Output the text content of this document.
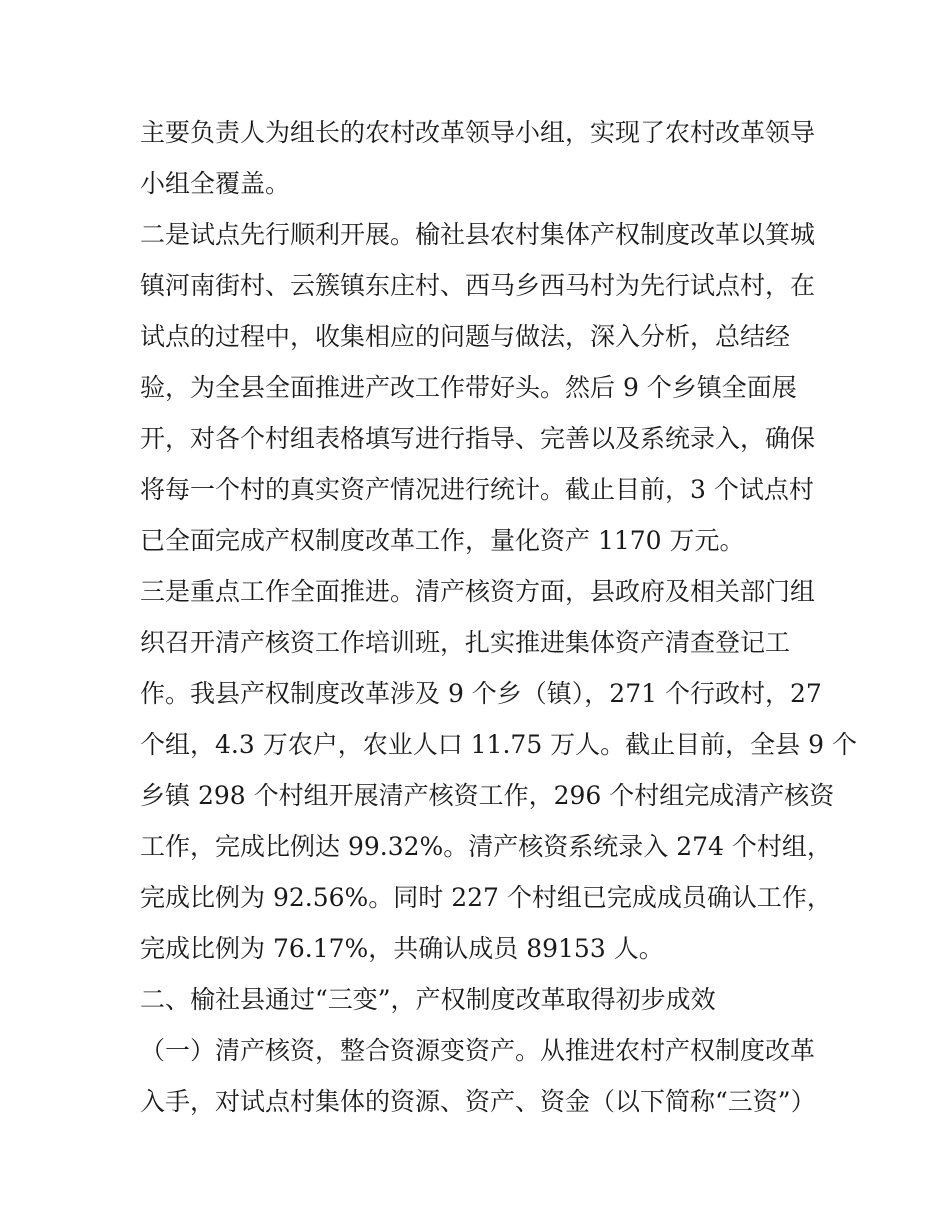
主要负责人为组长的农村改革领导小组，实现了农村改革领导
小组全覆盖。
二是试点先行顺利开展。榆社县农村集体产权制度改革以箕城
镇河南街村、云簇镇东庄村、西马乡西马村为先行试点村，在
试点的过程中，收集相应的问题与做法，深入分析，总结经
验，为全县全面推进产改工作带好头。然后 9 个乡镇全面展
开，对各个村组表格填写进行指导、完善以及系统录入，确保
将每一个村的真实资产情况进行统计。截止目前，3 个试点村
已全面完成产权制度改革工作，量化资产 1170 万元。
三是重点工作全面推进。清产核资方面，县政府及相关部门组
织召开清产核资工作培训班，扎实推进集体资产清查登记工
作。我县产权制度改革涉及 9 个乡（镇），271 个行政村，27
个组，4.3 万农户，农业人口 11.75 万人。截止目前，全县 9 个
乡镇 298 个村组开展清产核资工作，296 个村组完成清产核资
工作，完成比例达 99.32%。清产核资系统录入 274 个村组，
完成比例为 92.56%。同时 227 个村组已完成成员确认工作，
完成比例为 76.17%，共确认成员 89153 人。
二、榆社县通过“三变”，产权制度改革取得初步成效
（一）清产核资，整合资源变资产。从推进农村产权制度改革
入手，对试点村集体的资源、资产、资金（以下简称“三资”）
